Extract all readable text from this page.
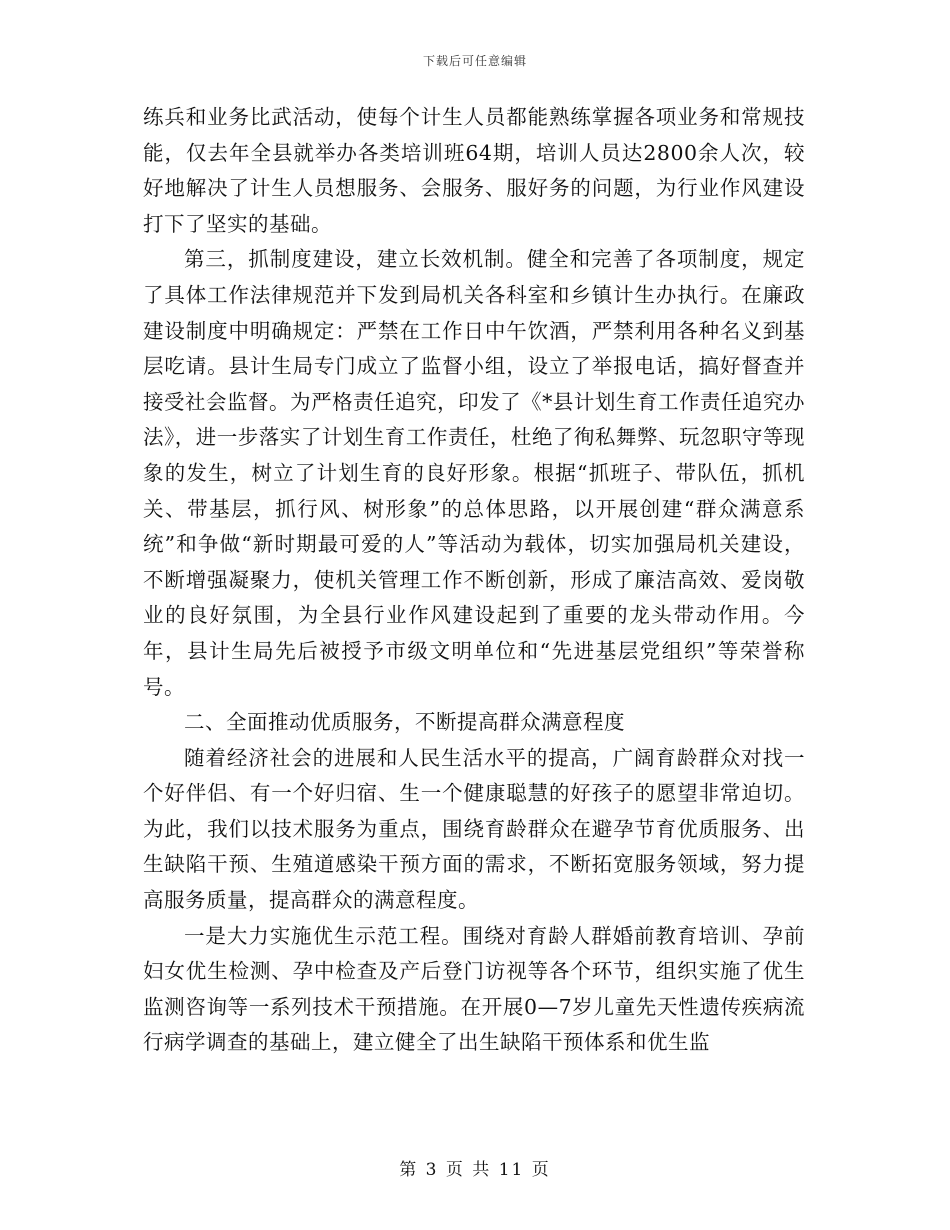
下载后可任意编辑

练兵和业务比武活动，使每个计生人员都能熟练掌握各项业务和常规技能，仅去年全县就举办各类培训班64期，培训人员达2800余人次，较好地解决了计生人员想服务、会服务、服好务的问题，为行业作风建设打下了坚实的基础。

第三，抓制度建设，建立长效机制。健全和完善了各项制度，规定了具体工作法律规范并下发到局机关各科室和乡镇计生办执行。在廉政建设制度中明确规定：严禁在工作日中午饮酒，严禁利用各种名义到基层吃请。县计生局专门成立了监督小组，设立了举报电话，搞好督查并接受社会监督。为严格责任追究，印发了《*县计划生育工作责任追究办法》，进一步落实了计划生育工作责任，杜绝了徇私舞弊、玩忽职守等现象的发生，树立了计划生育的良好形象。根据“抓班子、带队伍，抓机关、带基层，抓行风、树形象”的总体思路，以开展创建“群众满意系统”和争做“新时期最可爱的人”等活动为载体，切实加强局机关建设，不断增强凝聚力，使机关管理工作不断创新，形成了廉洁高效、爱岗敬业的良好氛围，为全县行业作风建设起到了重要的龙头带动作用。今年，县计生局先后被授予市级文明单位和“先进基层党组织”等荣誉称号。

二、全面推动优质服务，不断提高群众满意程度

随着经济社会的进展和人民生活水平的提高，广阔育龄群众对找一个好伴侣、有一个好归宿、生一个健康聪慧的好孩子的愿望非常迫切。为此，我们以技术服务为重点，围绕育龄群众在避孕节育优质服务、出生缺陷干预、生殖道感染干预方面的需求，不断拓宽服务领域，努力提高服务质量，提高群众的满意程度。

一是大力实施优生示范工程。围绕对育龄人群婚前教育培训、孕前妇女优生检测、孕中检查及产后登门访视等各个环节，组织实施了优生监测咨询等一系列技术干预措施。在开展0—7岁儿童先天性遗传疾病流行病学调查的基础上，建立健全了出生缺陷干预体系和优生监

第 3 页 共 11 页
